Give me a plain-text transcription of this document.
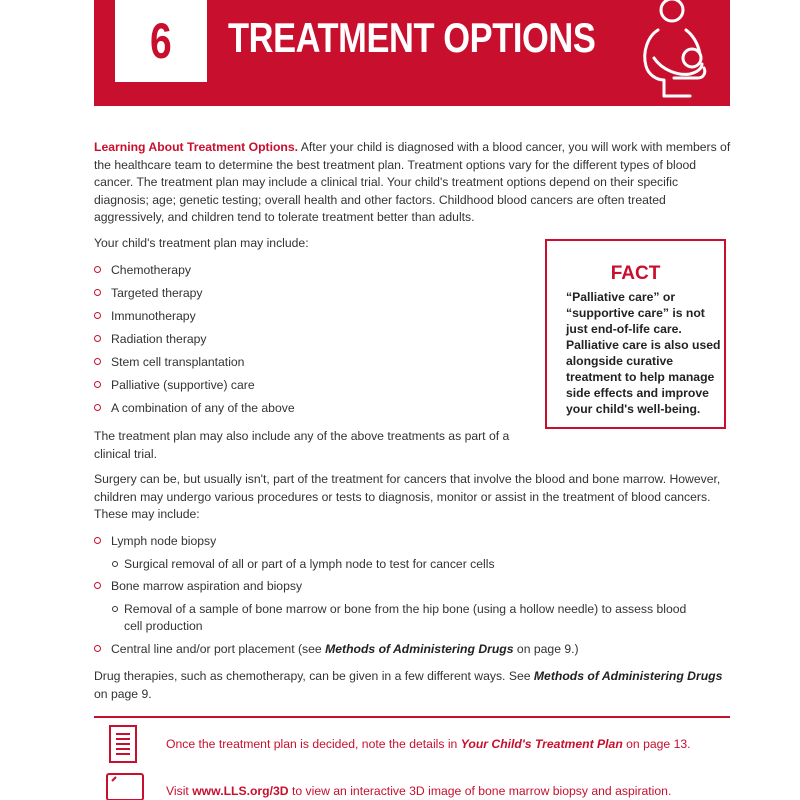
6 TREATMENT OPTIONS
Learning About Treatment Options. After your child is diagnosed with a blood cancer, you will work with members of the healthcare team to determine the best treatment plan. Treatment options vary for the different types of blood cancer. The treatment plan may include a clinical trial. Your child's treatment options depend on their specific diagnosis; age; genetic testing; overall health and other factors. Childhood blood cancers are often treated aggressively, and children tend to tolerate treatment better than adults.
Your child's treatment plan may include:
Chemotherapy
Targeted therapy
Immunotherapy
Radiation therapy
Stem cell transplantation
Palliative (supportive) care
A combination of any of the above
The treatment plan may also include any of the above treatments as part of a clinical trial.
FACT
“Palliative care” or “supportive care” is not just end-of-life care. Palliative care is also used alongside curative treatment to help manage side effects and improve your child's well-being.
Surgery can be, but usually isn't, part of the treatment for cancers that involve the blood and bone marrow. However, children may undergo various procedures or tests to diagnosis, monitor or assist in the treatment of blood cancers. These may include:
Lymph node biopsy
Surgical removal of all or part of a lymph node to test for cancer cells
Bone marrow aspiration and biopsy
Removal of a sample of bone marrow or bone from the hip bone (using a hollow needle) to assess blood cell production
Central line and/or port placement (see Methods of Administering Drugs on page 9.)
Drug therapies, such as chemotherapy, can be given in a few different ways. See Methods of Administering Drugs on page 9.
Once the treatment plan is decided, note the details in Your Child's Treatment Plan on page 13.
Visit www.LLS.org/3D to view an interactive 3D image of bone marrow biopsy and aspiration.
